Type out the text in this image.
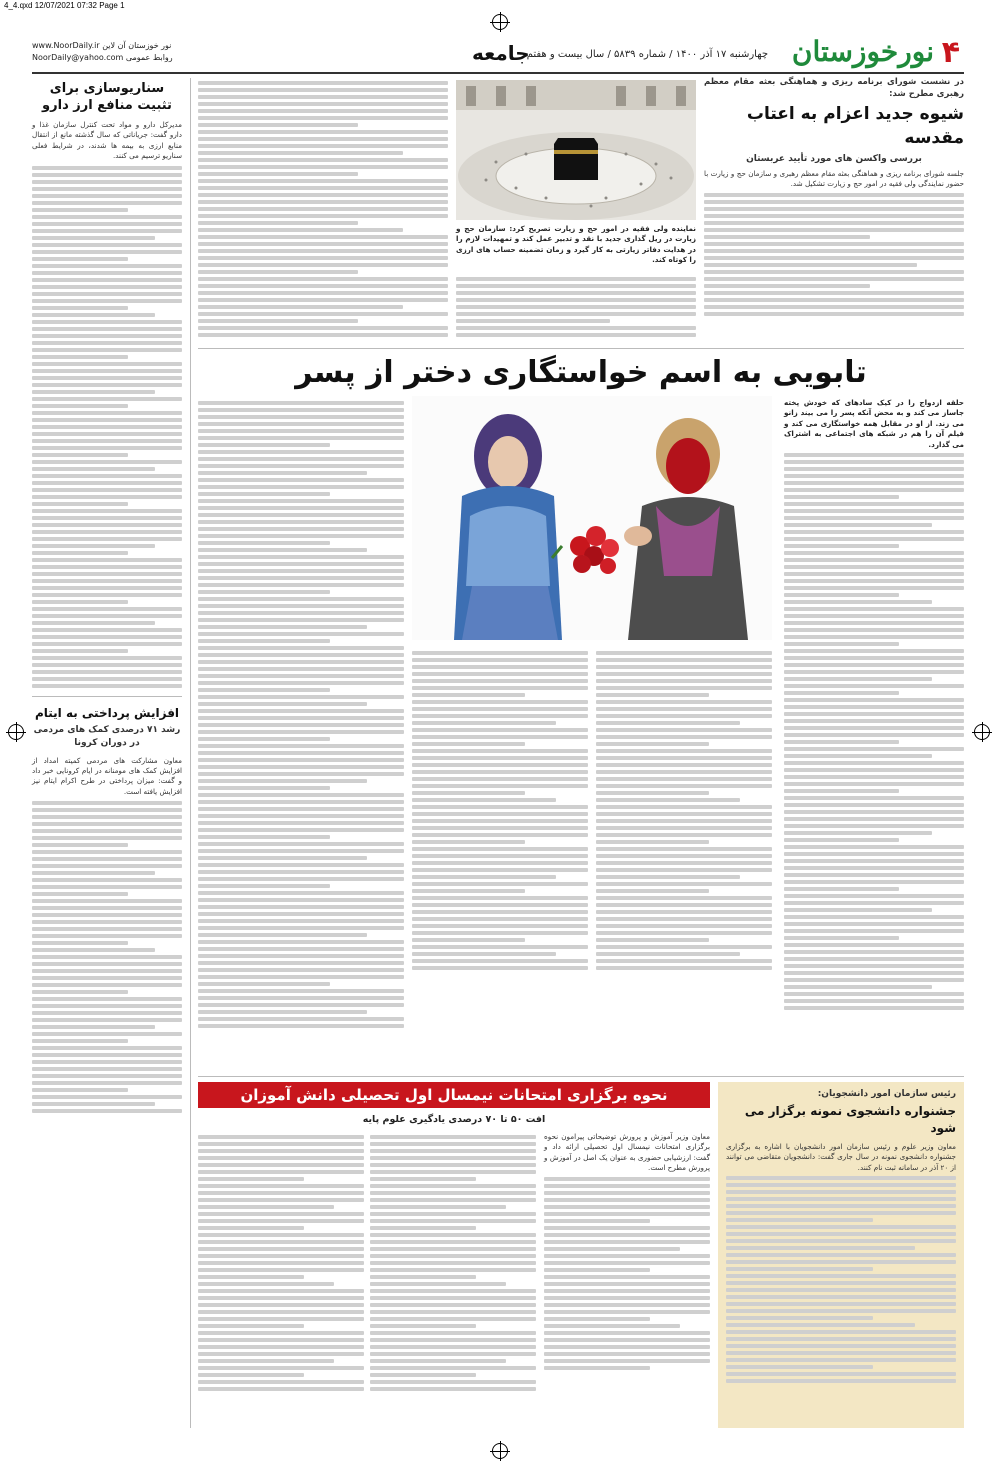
4_4.qxd 12/07/2021 07:32 Page 1
۴
نورخوزستان
چهارشنبه ۱۷ آذر ۱۴۰۰ / شماره ۵۸۳۹ / سال بیست و هفتم
جامعه
نور خوزستان آن لاین www.NoorDaily.ir
روابط عمومی NoorDaily@yahoo.com
سناریوسازی برای تثبیت منافع ارز دارو

مدیرکل دارو و مواد تحت کنترل سازمان غذا و دارو گفت: جریاناتی که سال گذشته مانع از انتقال منابع ارزی به بیمه ها شدند، در شرایط فعلی سناریو ترسیم می کنند.

افزایش پرداختی به ایتام
رشد ۷۱ درصدی کمک های مردمی در دوران کرونا

معاون مشارکت های مردمی کمیته امداد از افزایش کمک های مومنانه در ایام کرونایی خبر داد و گفت: میزان پرداختی در طرح اکرام ایتام نیز افزایش یافته است.

در نشست شورای برنامه ریزی و هماهنگی بعثه مقام معظم رهبری مطرح شد:

شیوه جدید اعزام به اعتاب مقدسه
بررسی واکسن های مورد تأیید عربستان

جلسه شورای برنامه ریزی و هماهنگی بعثه مقام معظم رهبری و سازمان حج و زیارت با حضور نمایندگی ولی فقیه در امور حج و زیارت تشکیل شد.

نماینده ولی فقیه در امور حج و زیارت تصریح کرد: سازمان حج و زیارت در ریل گذاری جدید با نقد و تدبیر عمل کند و تمهیدات لازم را در هدایت دفاتر زیارتی به کار گیرد و زمان تضمینه حساب های ارزی را کوتاه کند.

تابویی به اسم خواستگاری دختر از پسر

حلقه ازدواج را در کیک سادهای که خودش پخته جاساز می کند و به محض آنکه پسر را می بیند زانو می زند. از او در مقابل همه خواستگاری می کند و فیلم آن را هم در شبکه های اجتماعی به اشتراک می گذارد.

رئیس سازمان امور دانشجویان:

جشنواره دانشجوی نمونه برگزار می شود

معاون وزیر علوم و رئیس سازمان امور دانشجویان با اشاره به برگزاری جشنواره دانشجوی نمونه در سال جاری گفت: دانشجویان متقاضی می توانند از ۲۰ آذر در سامانه ثبت نام کنند.

نحوه برگزاری امتحانات نیمسال اول تحصیلی دانش آموزان
افت ۵۰ تا ۷۰ درصدی یادگیری علوم پایه

معاون وزیر آموزش و پرورش توضیحاتی پیرامون نحوه برگزاری امتحانات نیمسال اول تحصیلی ارائه داد و گفت: ارزشیابی حضوری به عنوان یک اصل در آموزش و پرورش مطرح است.
